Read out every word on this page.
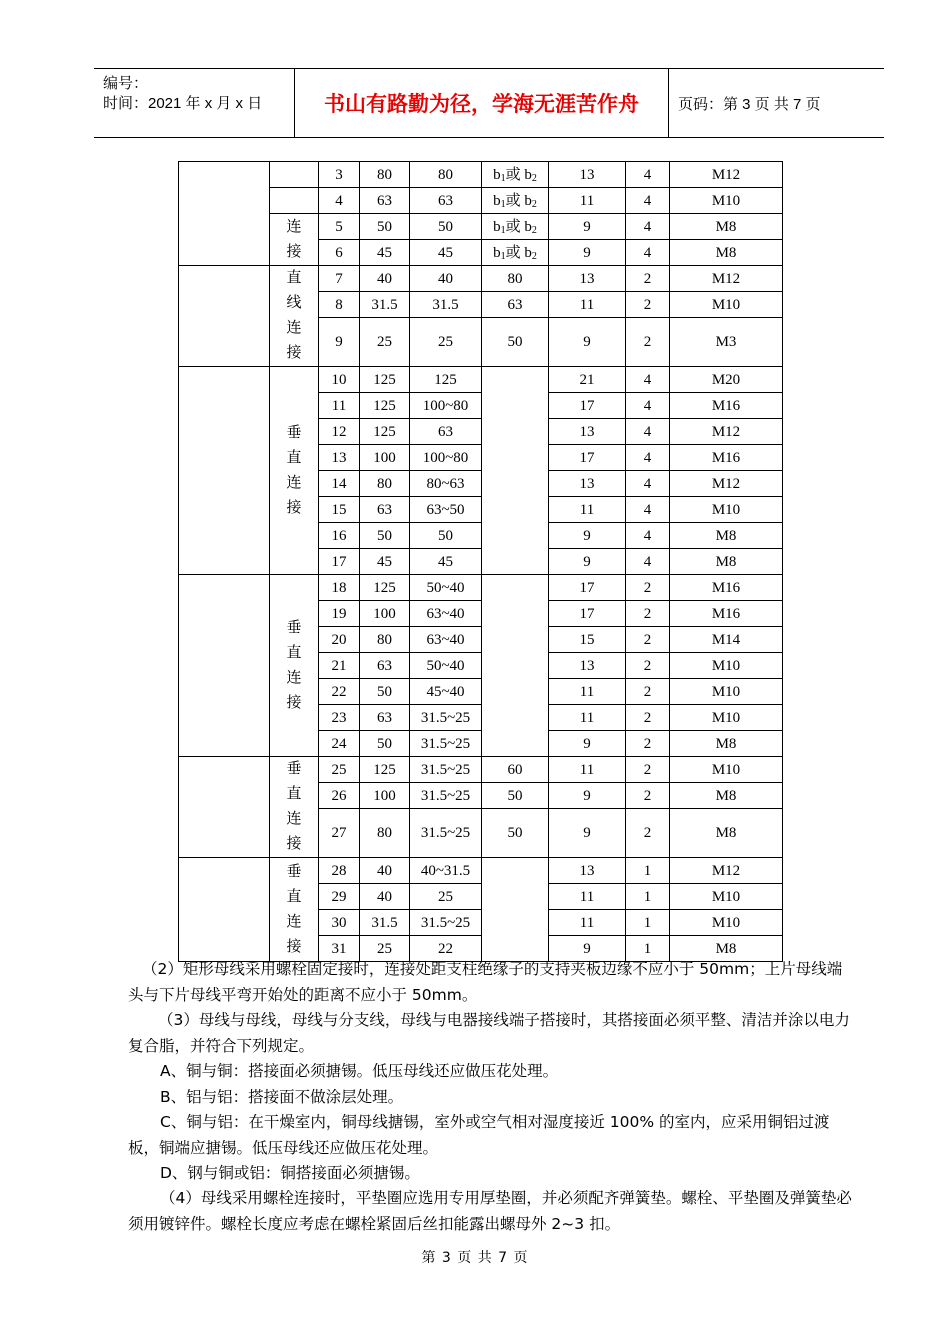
编号：
时间：2021 年 x 月 x 日	书山有路勤为径，学海无涯苦作舟	页码：第 3 页 共 7 页
		3	80	80	$b_1$或 $b_2$	13	4	M12
		4	63	63	$b_1$或 $b_2$	11	4	M10

	连接	5	50	50	$b_1$或 $b_2$	9	4	M8
		6	45	45	$b_1$或 $b_2$	9	4	M8

	直线连接	7	40	40	80	13	2	M12
		8	31.5	31.5	63	11	2	M10
		9	25	25	50	9	2	M3

	垂直连接	10	125	125		21	4	M20
		11	125	100~80		17	4	M16
		12	125	63		13	4	M12
		13	100	100~80		17	4	M16
		14	80	80~63		13	4	M12
		15	63	63~50		11	4	M10
		16	50	50		9	4	M8
		17	45	45		9	4	M8

	垂直连接	18	125	50~40		17	2	M16
		19	100	63~40		17	2	M16
		20	80	63~40		15	2	M14
		21	63	50~40		13	2	M10
		22	50	45~40		11	2	M10
		23	63	31.5~25		11	2	M10
		24	50	31.5~25		9	2	M8

	垂直连接	25	125	31.5~25	60	11	2	M10
		26	100	31.5~25	50	9	2	M8
		27	80	31.5~25	50	9	2	M8

	垂直连接	28	40	40~31.5		13	1	M12
		29	40	25		11	1	M10
		30	31.5	31.5~25		11	1	M10
		31	25	22		9	1	M8
（2）矩形母线采用螺栓固定接时，连接处距支柱绝缘子的支持夹板边缘不应小于 50mm；上片母线端头与下片母线平弯开始处的距离不应小于 50mm。
（3）母线与母线，母线与分支线，母线与电器接线端子搭接时，其搭接面必须平整、清洁并涂以电力复合脂，并符合下列规定。
A、铜与铜：搭接面必须搪锡。低压母线还应做压花处理。
B、铝与铝：搭接面不做涂层处理。
C、铜与铝：在干燥室内，铜母线搪锡，室外或空气相对湿度接近 100% 的室内，应采用铜铝过渡板，铜端应搪锡。低压母线还应做压花处理。
D、钢与铜或铝：铜搭接面必须搪锡。
（4）母线采用螺栓连接时，平垫圈应选用专用厚垫圈，并必须配齐弹簧垫。螺栓、平垫圈及弹簧垫必须用镀锌件。螺栓长度应考虑在螺栓紧固后丝扣能露出螺母外 2~3 扣。
第 3 页 共 7 页
